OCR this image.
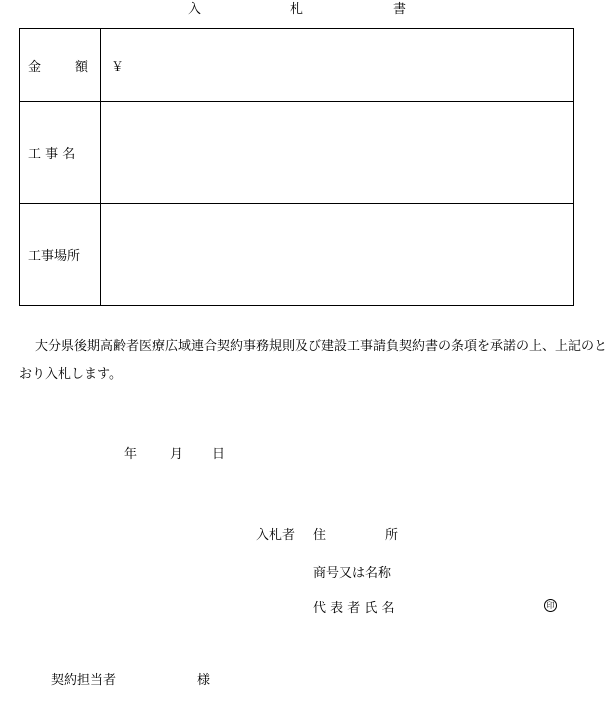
入	札	書
金 額	￥
工 事 名	
工事場所	
大分県後期高齢者医療広域連合契約事務規則及び建設工事請負契約書の条項を承諾の上、上記のとおり入札します。
年	月 日
入札者 住	所
商号又は名称
代 表 者 氏 名	印
契約担当者	様
